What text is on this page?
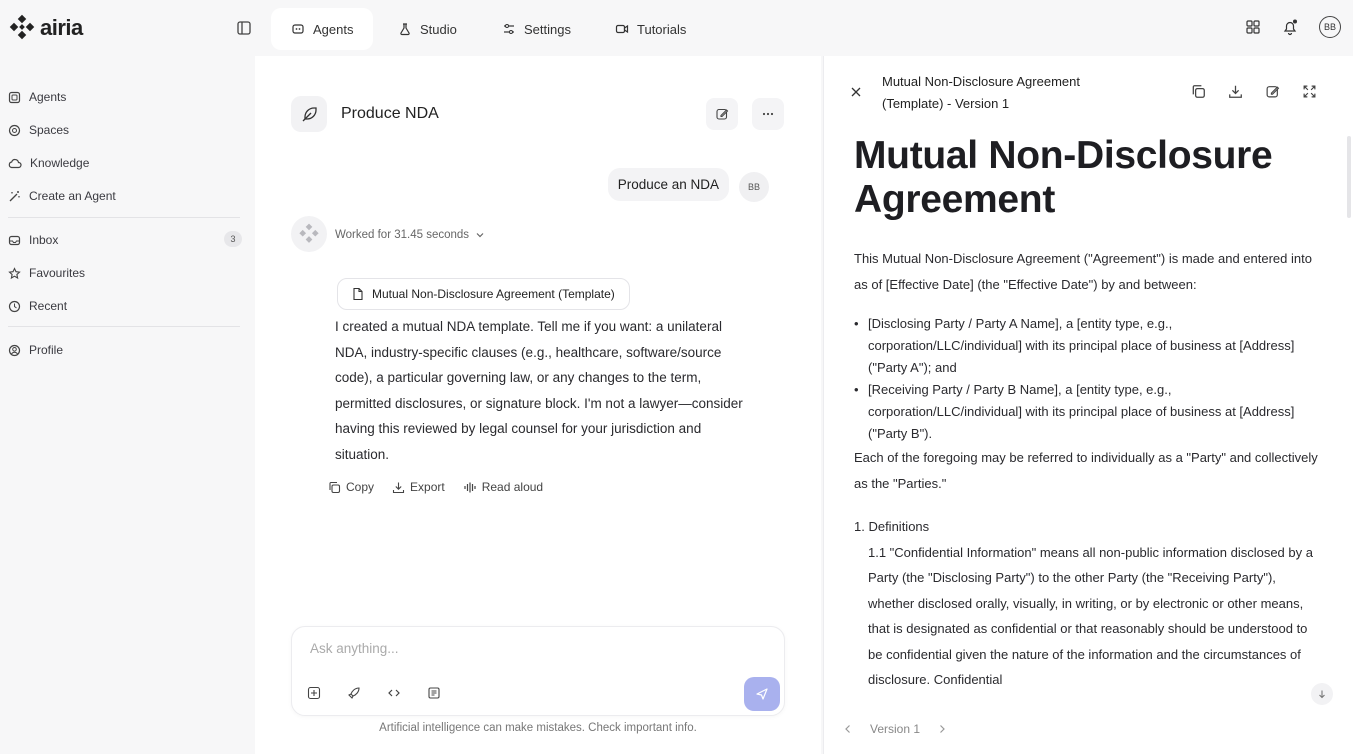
airia	Agents	Studio	Settings	Tutorials	BB
Agents
Spaces
Knowledge
Create an Agent
Inbox	3
Favourites
Recent
Profile
Produce NDA
Produce an NDA	BB
Worked for 31.45 seconds
Mutual Non-Disclosure Agreement (Template)
I created a mutual NDA template. Tell me if you want: a unilateral NDA, industry-specific clauses (e.g., healthcare, software/source code), a particular governing law, or any changes to the term, permitted disclosures, or signature block. I'm not a lawyer—consider having this reviewed by legal counsel for your jurisdiction and situation.
Copy	Export	Read aloud
Ask anything...
Artificial intelligence can make mistakes. Check important info.
Mutual Non-Disclosure Agreement (Template) - Version 1
Mutual Non-Disclosure Agreement

This Mutual Non-Disclosure Agreement ("Agreement") is made and entered into as of [Effective Date] (the "Effective Date") by and between:

• [Disclosing Party / Party A Name], a [entity type, e.g., corporation/LLC/individual] with its principal place of business at [Address] ("Party A"); and
• [Receiving Party / Party B Name], a [entity type, e.g., corporation/LLC/individual] with its principal place of business at [Address] ("Party B").

Each of the foregoing may be referred to individually as a "Party" and collectively as the "Parties."

1. Definitions

1.1 "Confidential Information" means all non-public information disclosed by a Party (the "Disclosing Party") to the other Party (the "Receiving Party"), whether disclosed orally, visually, in writing, or by electronic or other means, that is designated as confidential or that reasonably should be understood to be confidential given the nature of the information and the circumstances of disclosure. Confidential

Version 1
